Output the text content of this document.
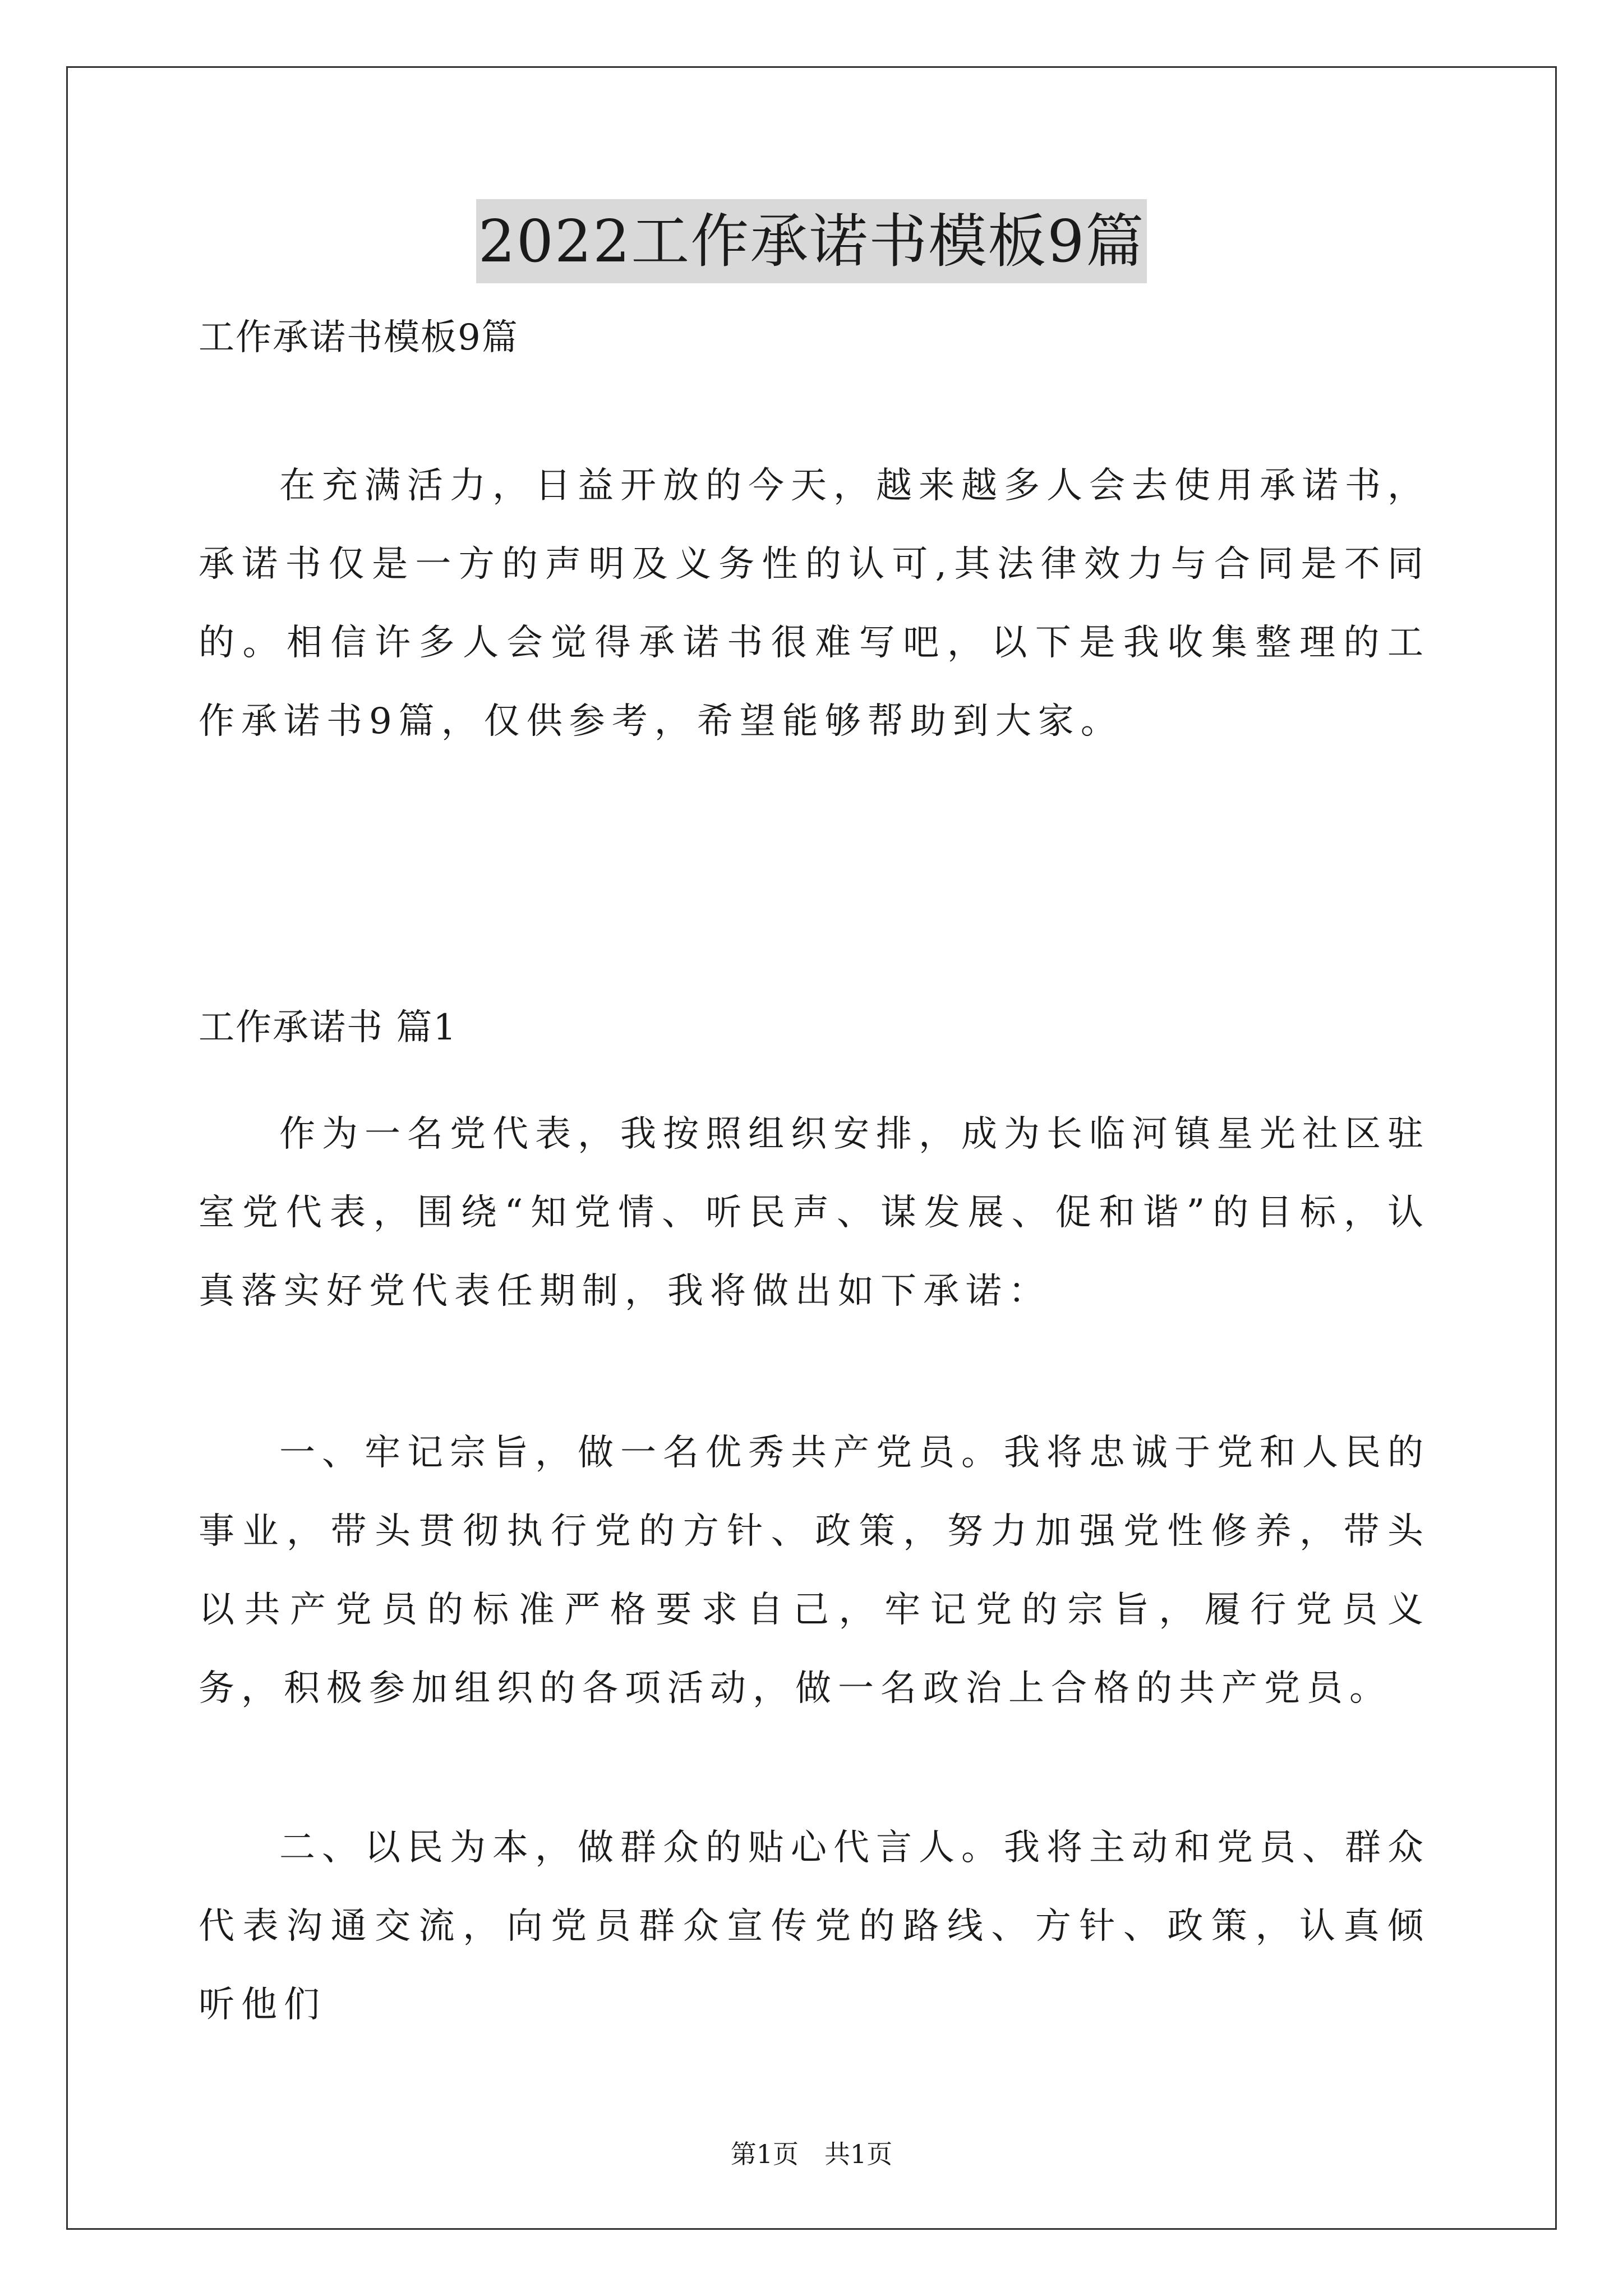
2022工作承诺书模板9篇

工作承诺书模板9篇

在充满活力，日益开放的今天，越来越多人会去使用承诺书，承诺书仅是一方的声明及义务性的认可,其法律效力与合同是不同的。相信许多人会觉得承诺书很难写吧，以下是我收集整理的工作承诺书9篇，仅供参考，希望能够帮助到大家。

工作承诺书 篇1

作为一名党代表，我按照组织安排，成为长临河镇星光社区驻室党代表，围绕“知党情、听民声、谋发展、促和谐”的目标，认真落实好党代表任期制，我将做出如下承诺：

一、牢记宗旨，做一名优秀共产党员。我将忠诚于党和人民的事业，带头贯彻执行党的方针、政策，努力加强党性修养，带头以共产党员的标准严格要求自己，牢记党的宗旨，履行党员义务，积极参加组织的各项活动，做一名政治上合格的共产党员。

二、以民为本，做群众的贴心代言人。我将主动和党员、群众代表沟通交流，向党员群众宣传党的路线、方针、政策，认真倾听他们

第1页 共1页
